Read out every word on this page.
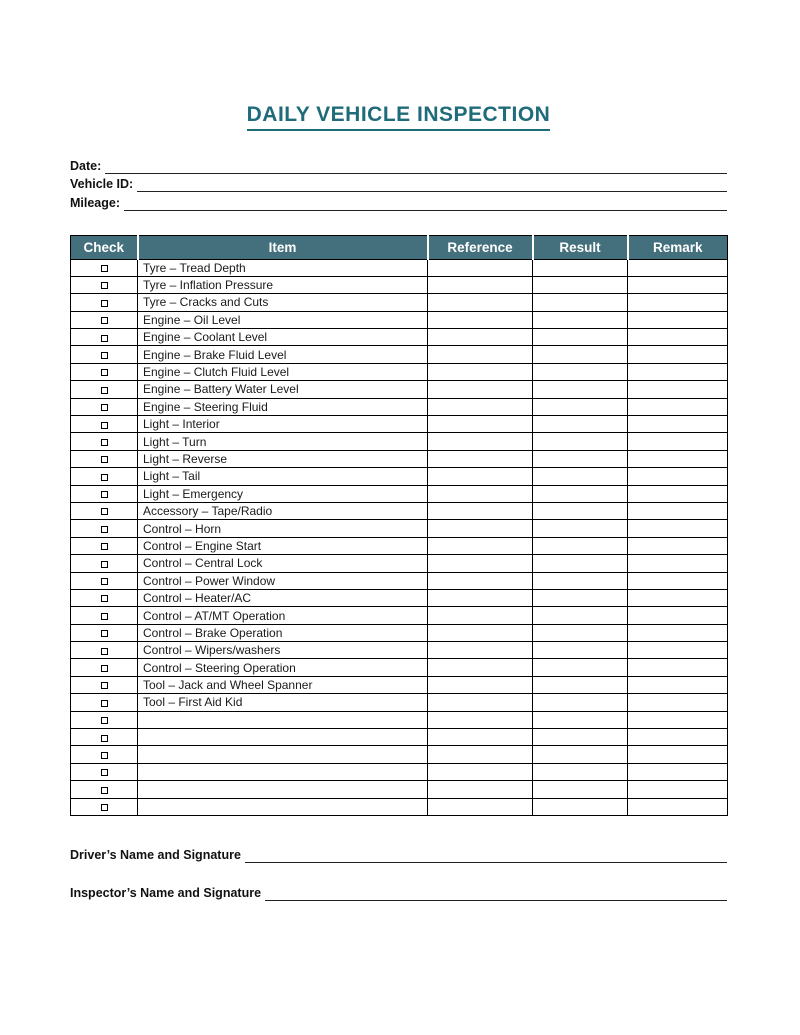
DAILY VEHICLE INSPECTION
Date:
Vehicle ID:
Mileage:
Check	Item	Reference	Result	Remark
	Tyre – Tread Depth			
	Tyre – Inflation Pressure			
	Tyre – Cracks and Cuts			
	Engine – Oil Level			
	Engine – Coolant Level			
	Engine – Brake Fluid Level			
	Engine – Clutch Fluid Level			
	Engine – Battery Water Level			
	Engine – Steering Fluid			
	Light – Interior			
	Light – Turn			
	Light – Reverse			
	Light – Tail			
	Light – Emergency			
	Accessory – Tape/Radio			
	Control – Horn			
	Control – Engine Start			
	Control – Central Lock			
	Control – Power Window			
	Control – Heater/AC			
	Control – AT/MT Operation			
	Control – Brake Operation			
	Control – Wipers/washers			
	Control – Steering Operation			
	Tool – Jack and Wheel Spanner			
	Tool – First Aid Kid			

Driver’s Name and Signature
Inspector’s Name and Signature
